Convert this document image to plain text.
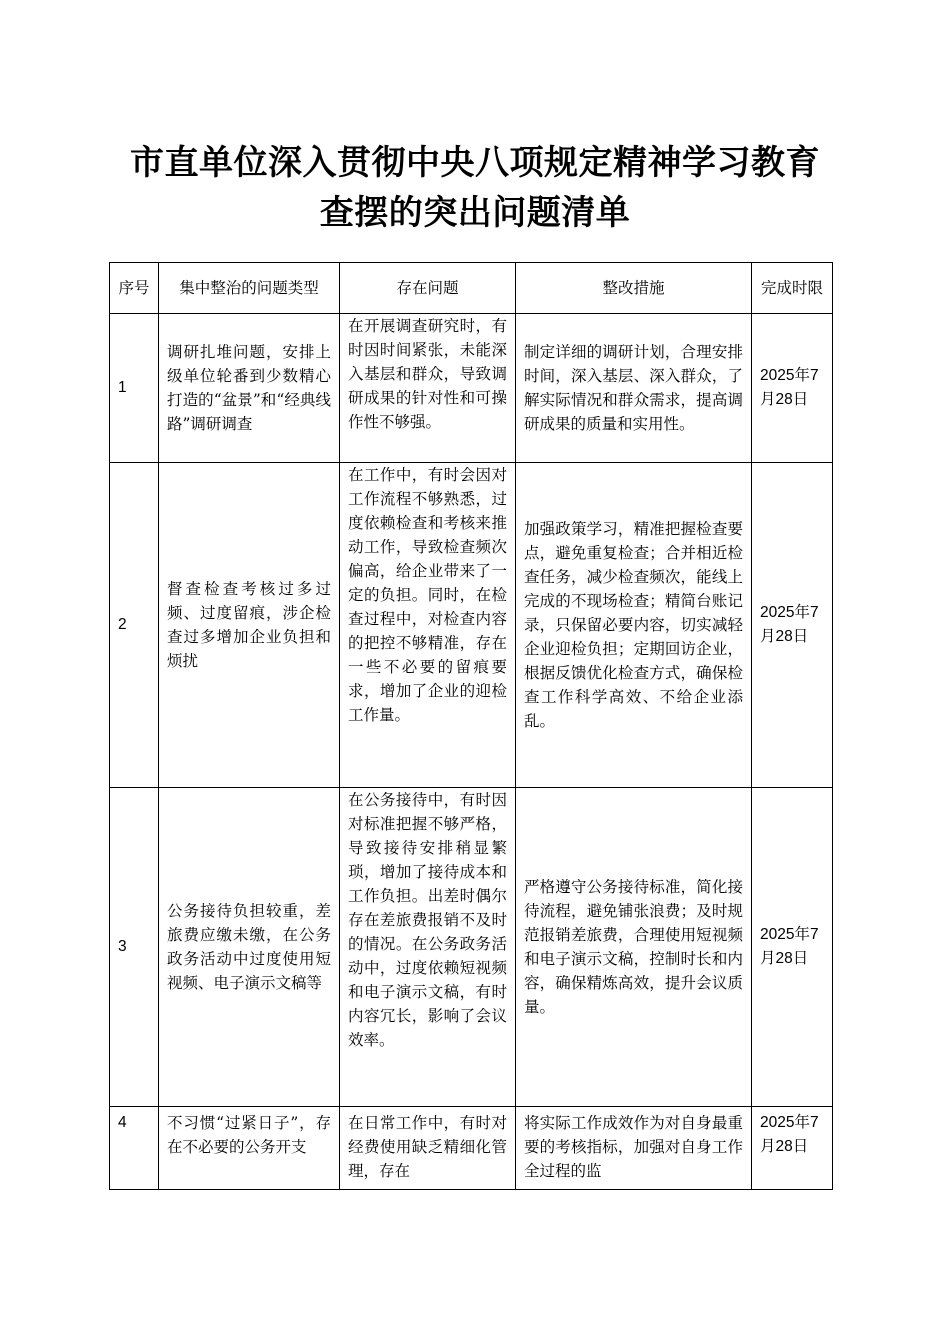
市直单位深入贯彻中央八项规定精神学习教育
查摆的突出问题清单
序号	集中整治的问题类型	存在问题	整改措施	完成时限
1	调研扎堆问题，安排上级单位轮番到少数精心打造的“盆景”和“经典线路”调研调查	在开展调查研究时，有时因时间紧张，未能深入基层和群众，导致调研成果的针对性和可操作性不够强。	制定详细的调研计划，合理安排时间，深入基层、深入群众，了解实际情况和群众需求，提高调研成果的质量和实用性。	2025年7月28日
2	督查检查考核过多过频、过度留痕，涉企检查过多增加企业负担和烦扰	在工作中，有时会因对工作流程不够熟悉，过度依赖检查和考核来推动工作，导致检查频次偏高，给企业带来了一定的负担。同时，在检查过程中，对检查内容的把控不够精准，存在一些不必要的留痕要求，增加了企业的迎检工作量。	加强政策学习，精准把握检查要点，避免重复检查；合并相近检查任务，减少检查频次，能线上完成的不现场检查；精简台账记录，只保留必要内容，切实减轻企业迎检负担；定期回访企业，根据反馈优化检查方式，确保检查工作科学高效、不给企业添乱。	2025年7月28日
3	公务接待负担较重，差旅费应缴未缴，在公务政务活动中过度使用短视频、电子演示文稿等	在公务接待中，有时因对标准把握不够严格，导致接待安排稍显繁琐，增加了接待成本和工作负担。出差时偶尔存在差旅费报销不及时的情况。在公务政务活动中，过度依赖短视频和电子演示文稿，有时内容冗长，影响了会议效率。	严格遵守公务接待标准，简化接待流程，避免铺张浪费；及时规范报销差旅费，合理使用短视频和电子演示文稿，控制时长和内容，确保精炼高效，提升会议质量。	2025年7月28日
4	不习惯“过紧日子”，存在不必要的公务开支	在日常工作中，有时对经费使用缺乏精细化管理，存在	将实际工作成效作为对自身最重要的考核指标，加强对自身工作全过程的监	2025年7月28日
